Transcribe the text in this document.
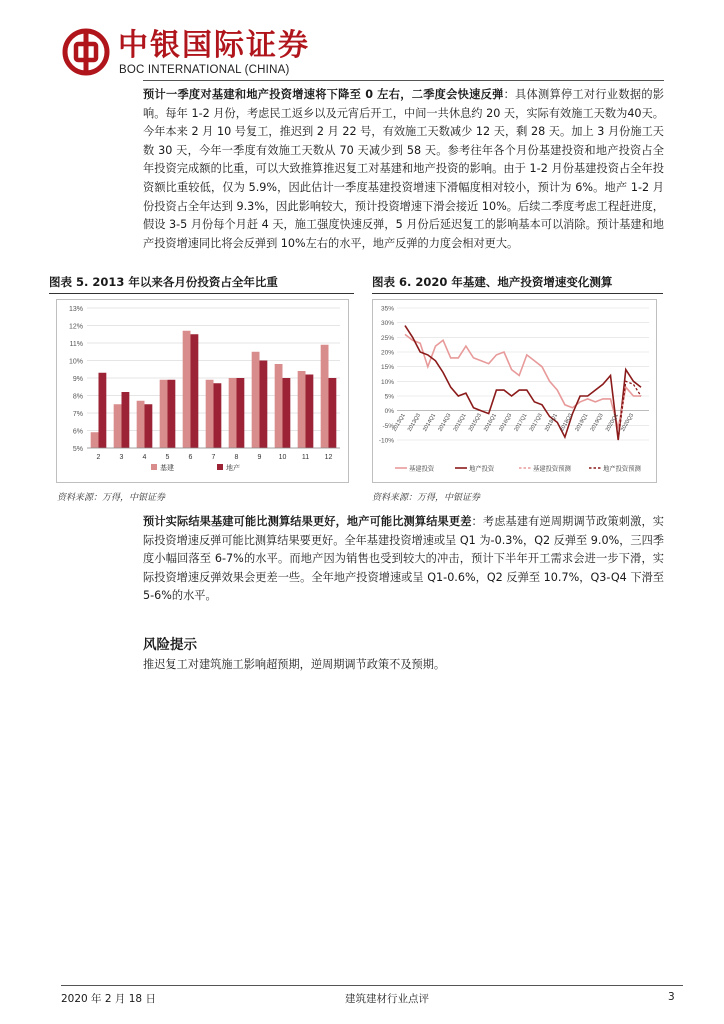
中银国际证券
BOC INTERNATIONAL (CHINA)
预计一季度对基建和地产投资增速将下降至 0 左右，二季度会快速反弹：具体测算停工对行业数据的影响。每年 1-2 月份，考虑民工返乡以及元宵后开工，中间一共休息约 20 天，实际有效施工天数为40天。今年本来 2 月 10 号复工，推迟到 2 月 22 号，有效施工天数减少 12 天，剩 28 天。加上 3 月份施工天数 30 天，今年一季度有效施工天数从 70 天减少到 58 天。参考往年各个月份基建投资和地产投资占全年投资完成额的比重，可以大致推算推迟复工对基建和地产投资的影响。由于 1-2 月份基建投资占全年投资额比重较低，仅为 5.9%，因此估计一季度基建投资增速下滑幅度相对较小，预计为 6%。地产 1-2 月份投资占全年达到 9.3%，因此影响较大，预计投资增速下滑会接近 10%。后续二季度考虑工程赶进度，假设 3-5 月份每个月赶 4 天，施工强度快速反弹，5 月份后延迟复工的影响基本可以消除。预计基建和地产投资增速同比将会反弹到 10%左右的水平，地产反弹的力度会相对更大。
图表 5. 2013 年以来各月份投资占全年比重
5%
6%
7%
8%
9%
10%
11%
12%
13%
2	3	4	5	6	7	8	9 10 11 12
基建	地产
资料来源：万得，中银证券
图表 6. 2020 年基建、地产投资增速变化测算
-10%
-5%
0%
5%
10%
15%
20%
25%
30%
35%
2013Q1 2013Q3 2014Q1 2014Q3 2015Q1 2015Q3 2016Q1 2016Q3 2017Q1 2017Q3 2018Q1 2018Q3 2019Q1 2019Q3 2020Q1 2020Q3
基建投资	地产投资	基建投资预测	地产投资预测
资料来源：万得，中银证券
预计实际结果基建可能比测算结果更好，地产可能比测算结果更差：考虑基建有逆周期调节政策刺激，实际投资增速反弹可能比测算结果要更好。全年基建投资增速或呈 Q1 为-0.3%，Q2 反弹至 9.0%，三四季度小幅回落至 6-7%的水平。而地产因为销售也受到较大的冲击，预计下半年开工需求会进一步下滑，实际投资增速反弹效果会更差一些。全年地产投资增速或呈 Q1-0.6%，Q2 反弹至 10.7%，Q3-Q4 下滑至 5-6%的水平。
风险提示
推迟复工对建筑施工影响超预期，逆周期调节政策不及预期。
2020 年 2 月 18 日	建筑建材行业点评	3
